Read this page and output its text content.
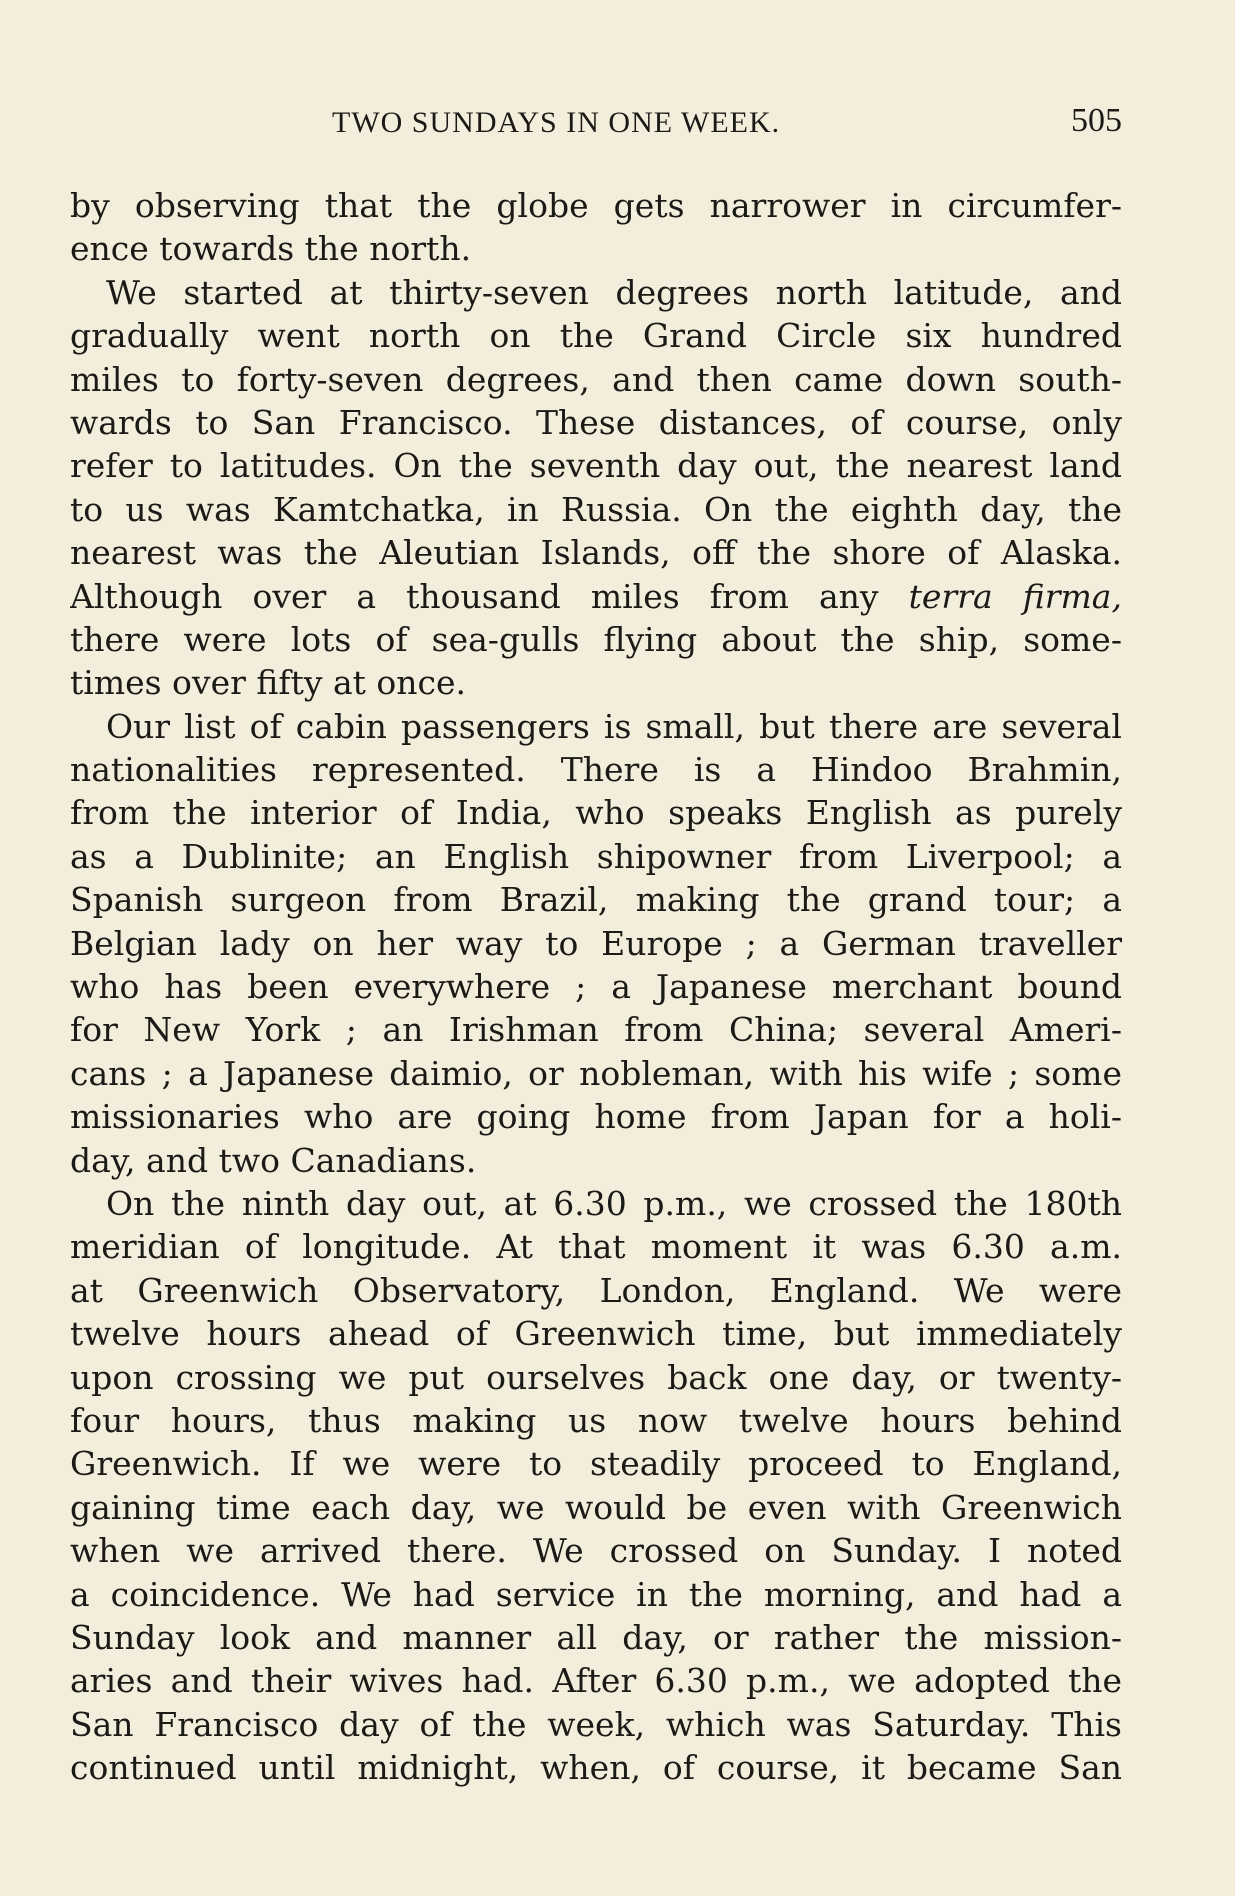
TWO SUNDAYS IN ONE WEEK.	505
by observing that the globe gets narrower in circumfer-
ence towards the north.
We started at thirty-seven degrees north latitude, and
gradually went north on the Grand Circle six hundred
miles to forty-seven degrees, and then came down south-
wards to San Francisco. These distances, of course, only
refer to latitudes. On the seventh day out, the nearest land
to us was Kamtchatka, in Russia. On the eighth day, the
nearest was the Aleutian Islands, off the shore of Alaska.
Although over a thousand miles from any terra firma,
there were lots of sea-gulls flying about the ship, some-
times over fifty at once.
Our list of cabin passengers is small, but there are several
nationalities represented. There is a Hindoo Brahmin,
from the interior of India, who speaks English as purely
as a Dublinite; an English shipowner from Liverpool; a
Spanish surgeon from Brazil, making the grand tour; a
Belgian lady on her way to Europe ; a German traveller
who has been everywhere ; a Japanese merchant bound
for New York ; an Irishman from China; several Ameri-
cans ; a Japanese daimio, or nobleman, with his wife ; some
missionaries who are going home from Japan for a holi-
day, and two Canadians.
On the ninth day out, at 6.30 p.m., we crossed the 180th
meridian of longitude. At that moment it was 6.30 a.m.
at Greenwich Observatory, London, England. We were
twelve hours ahead of Greenwich time, but immediately
upon crossing we put ourselves back one day, or twenty-
four hours, thus making us now twelve hours behind
Greenwich. If we were to steadily proceed to England,
gaining time each day, we would be even with Greenwich
when we arrived there. We crossed on Sunday. I noted
a coincidence. We had service in the morning, and had a
Sunday look and manner all day, or rather the mission-
aries and their wives had. After 6.30 p.m., we adopted the
San Francisco day of the week, which was Saturday. This
continued until midnight, when, of course, it became San
